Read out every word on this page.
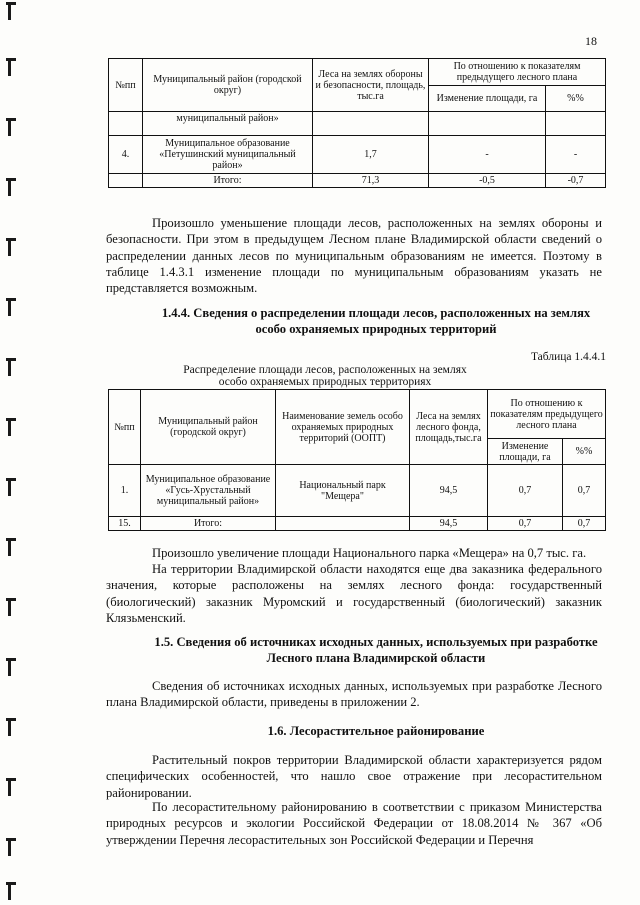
18
№пп	Муниципальный район (городской округ)	Леса на землях обороны и безопасности, площадь, тыс.га	По отношению к показателям предыдущего лесного плана	
			Изменение площади, га	%%
	муниципальный район»			
4.	Муниципальное образование «Петушинский муниципальный район»	1,7	-	-
	Итого:	71,3	-0,5	-0,7
Произошло уменьшение площади лесов, расположенных на землях обороны и безопасности. При этом в предыдущем Лесном плане Владимирской области сведений о распределении данных лесов по муниципальным образованиям не имеется. Поэтому в таблице 1.4.3.1 изменение площади по муниципальным образованиям указать не представляется возможным.
1.4.4. Сведения о распределении площади лесов, расположенных на землях особо охраняемых природных территорий
Таблица 1.4.4.1
Распределение площади лесов, расположенных на землях особо охраняемых природных территориях
№пп	Муниципальный район (городской округ)	Наименование земель особо охраняемых природных территорий (ООПТ)	Леса на землях лесного фонда, площадь,тыс.га	По отношению к показателям предыдущего лесного плана	
				Изменение площади, га	%%
1.	Муниципальное образование «Гусь-Хрустальный муниципальный район»	Национальный парк "Мещера"	94,5	0,7	0,7
15.	Итого:		94,5	0,7	0,7
Произошло увеличение площади Национального парка «Мещера» на 0,7 тыс. га.
На территории Владимирской области находятся еще два заказника федерального значения, которые расположены на землях лесного фонда: государственный (биологический) заказник Муромский и государственный (биологический) заказник Клязьменский.
1.5. Сведения об источниках исходных данных, используемых при разработке Лесного плана Владимирской области
Сведения об источниках исходных данных, используемых при разработке Лесного плана Владимирской области, приведены в приложении 2.
1.6. Лесорастительное районирование
Растительный покров территории Владимирской области характеризуется рядом специфических особенностей, что нашло свое отражение при лесорастительном районировании.
По лесорастительному районированию в соответствии с приказом Министерства природных ресурсов и экологии Российской Федерации от 18.08.2014 № 367 «Об утверждении Перечня лесорастительных зон Российской Федерации и Перечня
